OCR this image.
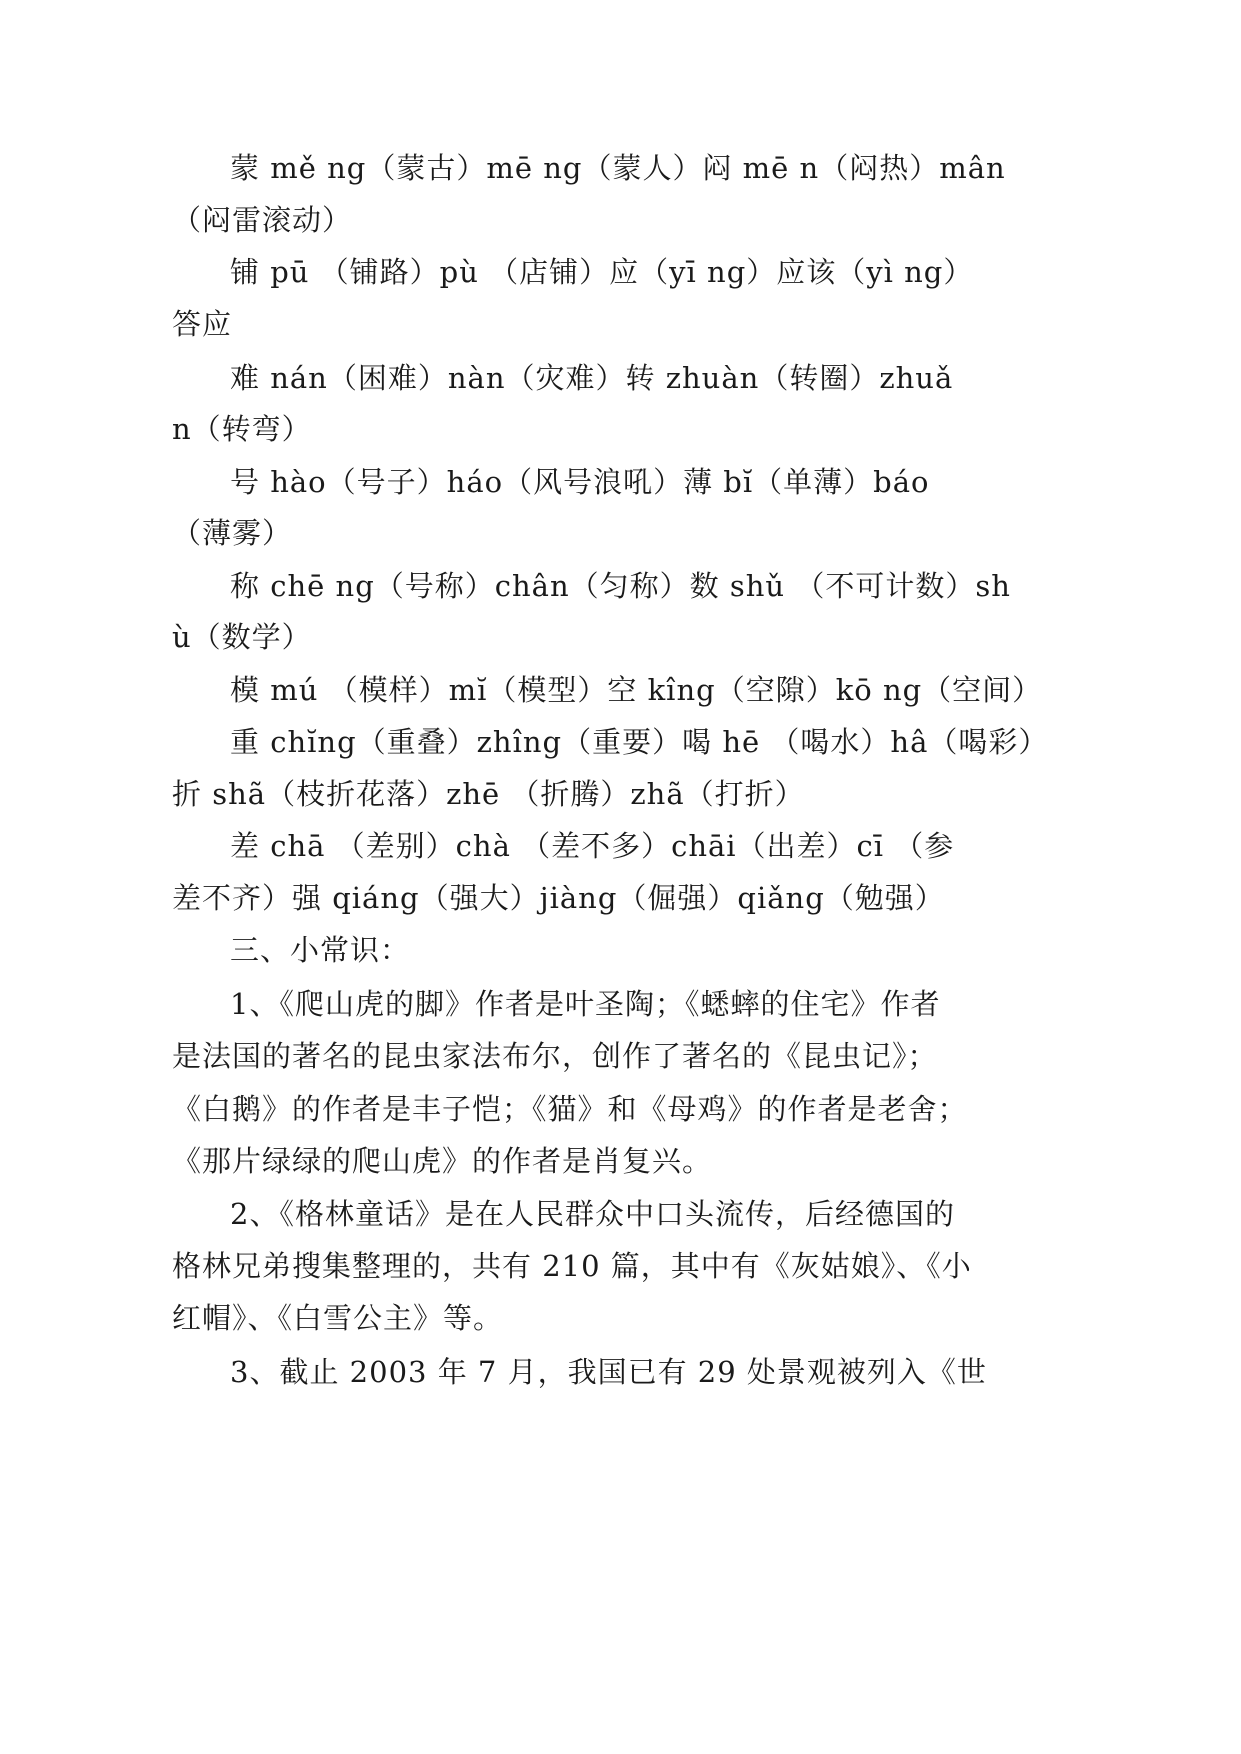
蒙 mě ng（蒙古）mē ng（蒙人）闷 mē n（闷热）mân
（闷雷滚动）
铺 pū （铺路）pù （店铺）应（yī ng）应该（yì ng）
答应
难 nán（困难）nàn（灾难）转 zhuàn（转圈）zhuǎ
n（转弯）
号 hào（号子）háo（风号浪吼）薄 bĭ（单薄）báo
（薄雾）
称 chē ng（号称）chân（匀称）数 shǔ （不可计数）sh
ù（数学）
模 mú （模样）mĭ（模型）空 kîng（空隙）kō ng（空间）
重 chĭng（重叠）zhîng（重要）喝 hē （喝水）hâ（喝彩）
折 shã（枝折花落）zhē （折腾）zhã（打折）
差 chā （差别）chà （差不多）chāi（出差）cī （参
差不齐）强 qiáng（强大）jiàng（倔强）qiǎng（勉强）
三、小常识：
1、《爬山虎的脚》作者是叶圣陶；《蟋蟀的住宅》作者
是法国的著名的昆虫家法布尔，创作了著名的《昆虫记》；
《白鹅》的作者是丰子恺；《猫》和《母鸡》的作者是老舍；
《那片绿绿的爬山虎》的作者是肖复兴。
2、《格林童话》是在人民群众中口头流传，后经德国的
格林兄弟搜集整理的，共有 210 篇，其中有《灰姑娘》、《小
红帽》、《白雪公主》等。
3、截止 2003 年 7 月，我国已有 29 处景观被列入《世
